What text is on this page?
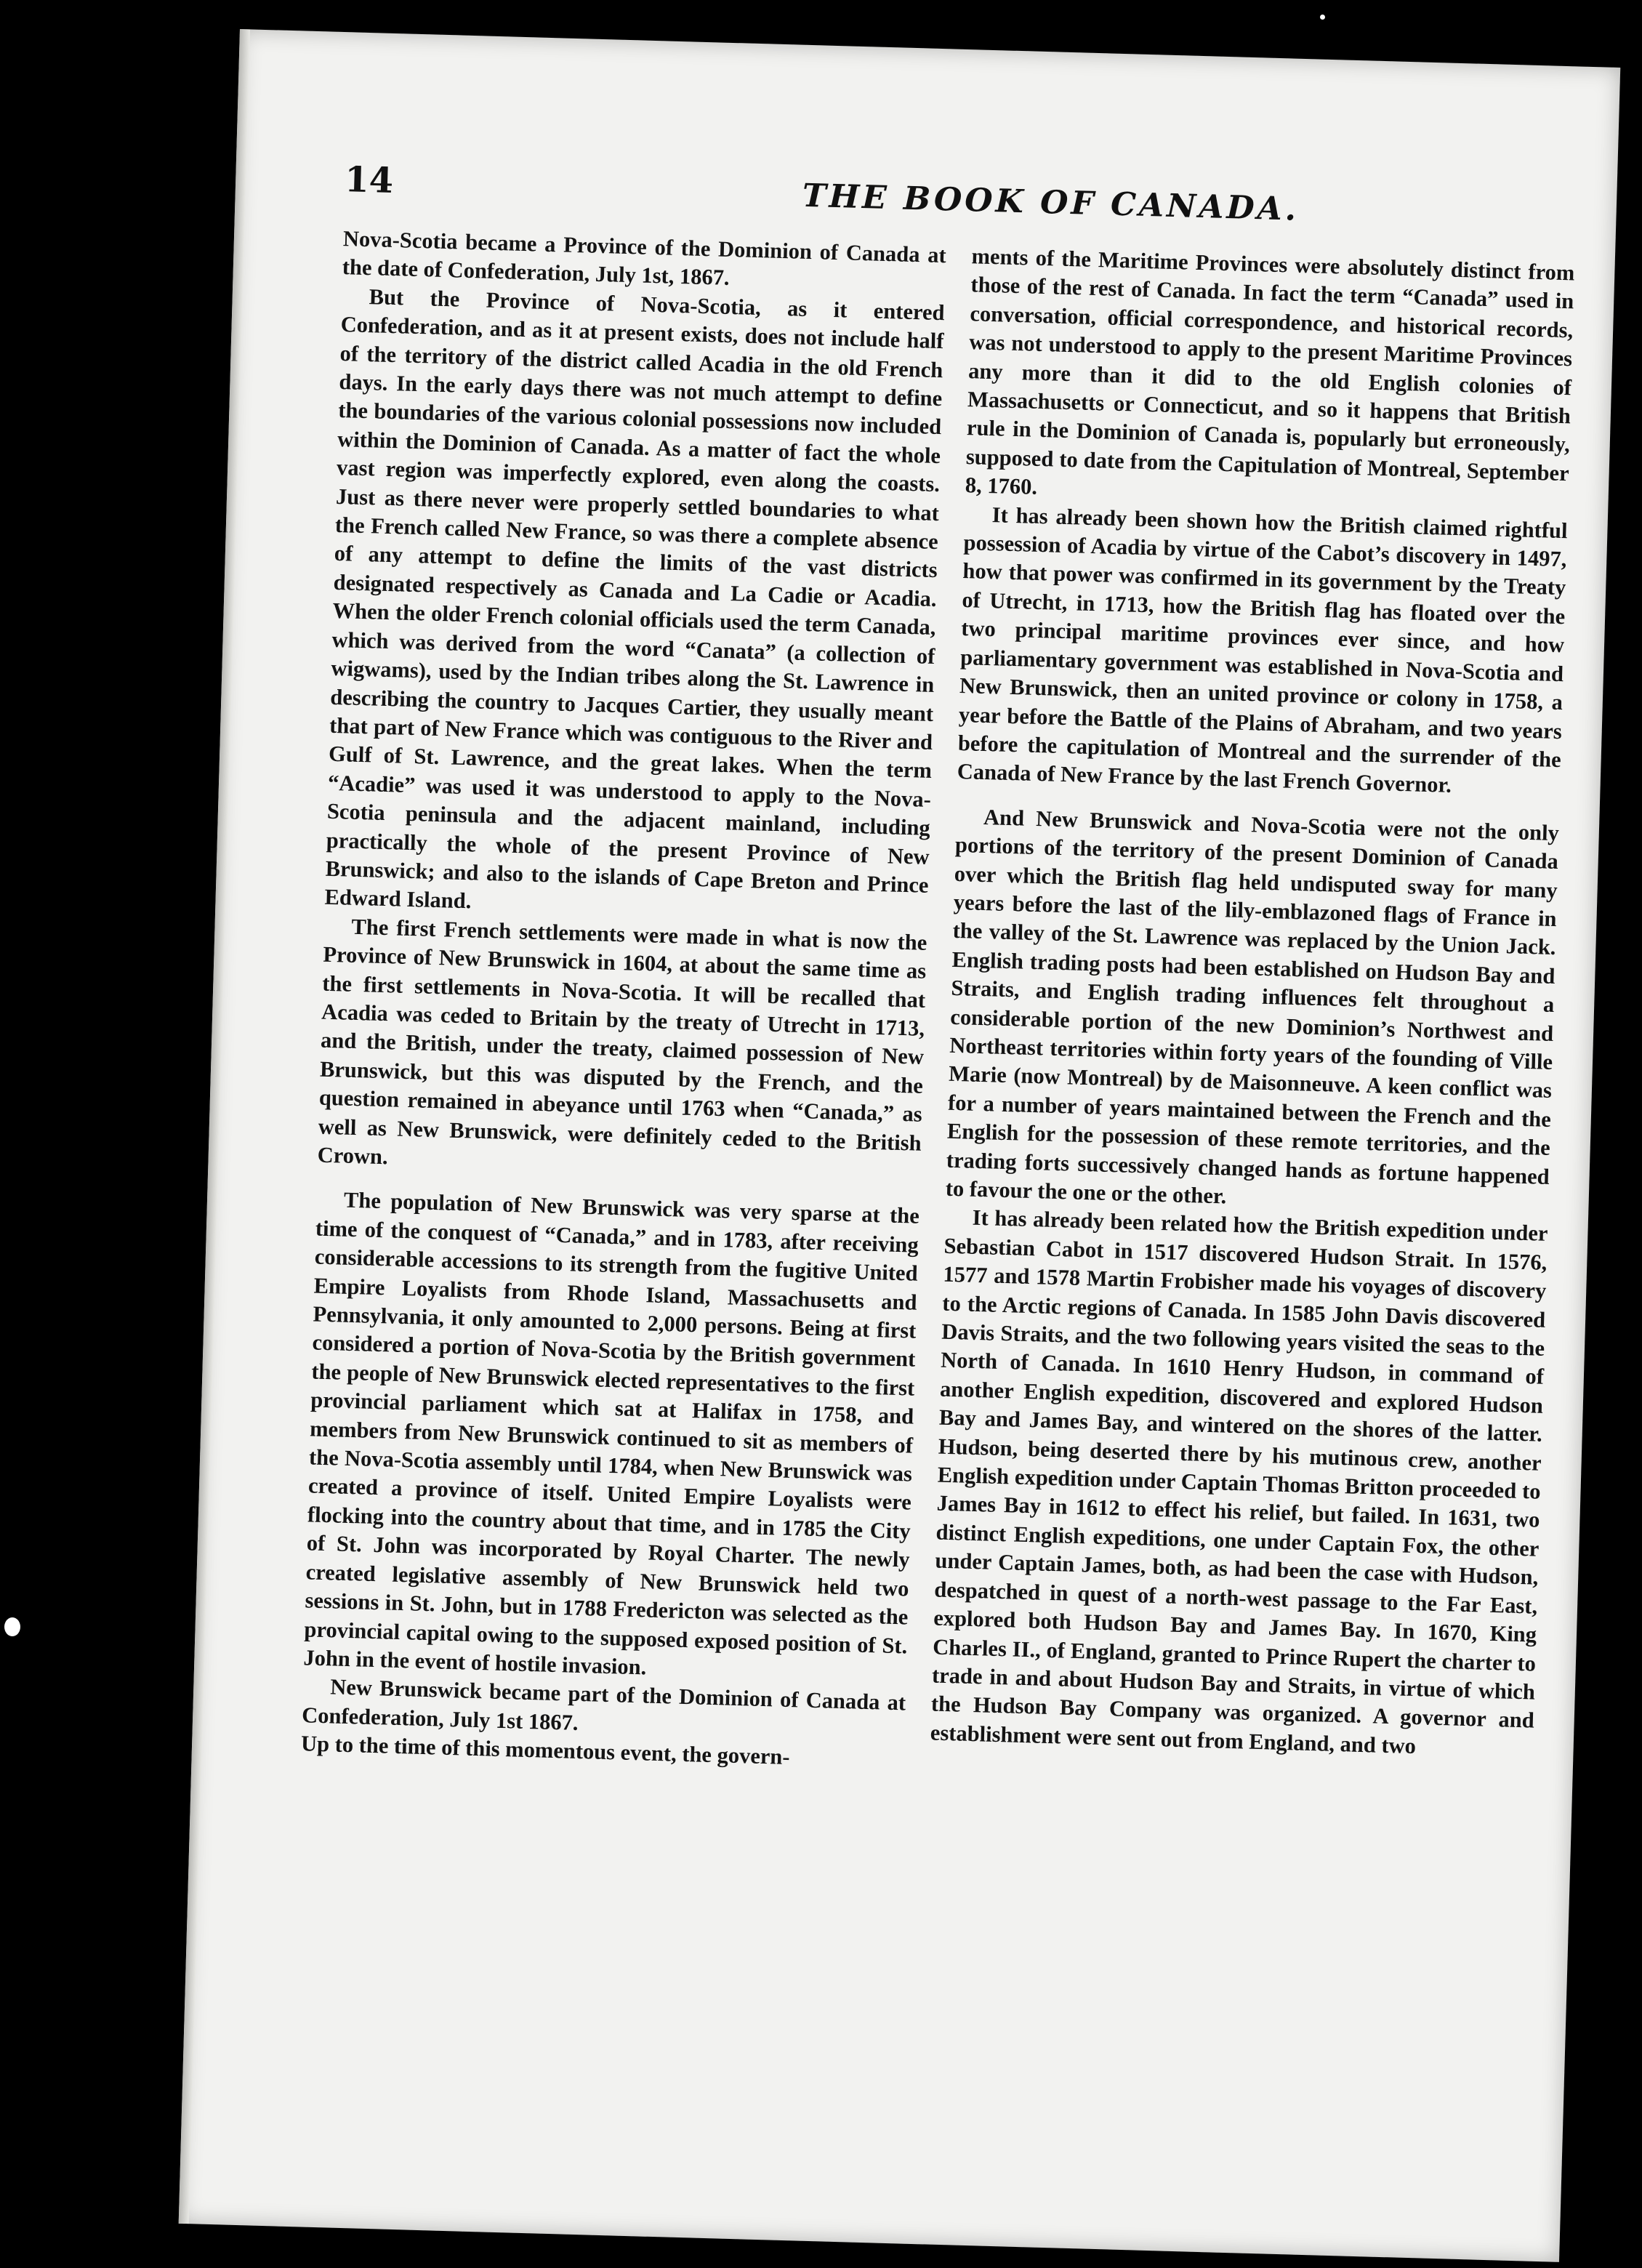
14	THE BOOK OF CANADA.

Nova-Scotia became a Province of the Dominion of Canada at the date of Confederation, July 1st, 1867.

But the Province of Nova-Scotia, as it entered Confederation, and as it at present exists, does not include half of the territory of the district called Acadia in the old French days. In the early days there was not much attempt to define the boundaries of the various colonial possessions now included within the Dominion of Canada. As a matter of fact the whole vast region was imperfectly explored, even along the coasts. Just as there never were properly settled boundaries to what the French called New France, so was there a complete absence of any attempt to define the limits of the vast districts designated respectively as Canada and La Cadie or Acadia. When the older French colonial officials used the term Canada, which was derived from the word “Canata” (a collection of wigwams), used by the Indian tribes along the St. Lawrence in describing the country to Jacques Cartier, they usually meant that part of New France which was contiguous to the River and Gulf of St. Lawrence, and the great lakes. When the term “Acadie” was used it was understood to apply to the Nova-Scotia peninsula and the adjacent mainland, including practically the whole of the present Province of New Brunswick; and also to the islands of Cape Breton and Prince Edward Island.

The first French settlements were made in what is now the Province of New Brunswick in 1604, at about the same time as the first settlements in Nova-Scotia. It will be recalled that Acadia was ceded to Britain by the treaty of Utrecht in 1713, and the British, under the treaty, claimed possession of New Brunswick, but this was disputed by the French, and the question remained in abeyance until 1763 when “Canada,” as well as New Brunswick, were definitely ceded to the British Crown.

The population of New Brunswick was very sparse at the time of the conquest of “Canada,” and in 1783, after receiving considerable accessions to its strength from the fugitive United Empire Loyalists from Rhode Island, Massachusetts and Pennsylvania, it only amounted to 2,000 persons. Being at first considered a portion of Nova-Scotia by the British government the people of New Brunswick elected representatives to the first provincial parliament which sat at Halifax in 1758, and members from New Brunswick continued to sit as members of the Nova-Scotia assembly until 1784, when New Brunswick was created a province of itself. United Empire Loyalists were flocking into the country about that time, and in 1785 the City of St. John was incorporated by Royal Charter. The newly created legislative assembly of New Brunswick held two sessions in St. John, but in 1788 Fredericton was selected as the provincial capital owing to the supposed exposed position of St. John in the event of hostile invasion.

New Brunswick became part of the Dominion of Canada at Confederation, July 1st 1867.

Up to the time of this momentous event, the govern-

ments of the Maritime Provinces were absolutely distinct from those of the rest of Canada. In fact the term “Canada” used in conversation, official correspondence, and historical records, was not understood to apply to the present Maritime Provinces any more than it did to the old English colonies of Massachusetts or Connecticut, and so it happens that British rule in the Dominion of Canada is, popularly but erroneously, supposed to date from the Capitulation of Montreal, September 8, 1760.

It has already been shown how the British claimed rightful possession of Acadia by virtue of the Cabot’s discovery in 1497, how that power was confirmed in its government by the Treaty of Utrecht, in 1713, how the British flag has floated over the two principal maritime provinces ever since, and how parliamentary government was established in Nova-Scotia and New Brunswick, then an united province or colony in 1758, a year before the Battle of the Plains of Abraham, and two years before the capitulation of Montreal and the surrender of the Canada of New France by the last French Governor.

And New Brunswick and Nova-Scotia were not the only portions of the territory of the present Dominion of Canada over which the British flag held undisputed sway for many years before the last of the lily-emblazoned flags of France in the valley of the St. Lawrence was replaced by the Union Jack. English trading posts had been established on Hudson Bay and Straits, and English trading influences felt throughout a considerable portion of the new Dominion’s Northwest and Northeast territories within forty years of the founding of Ville Marie (now Montreal) by de Maisonneuve. A keen conflict was for a number of years maintained between the French and the English for the possession of these remote territories, and the trading forts successively changed hands as fortune happened to favour the one or the other.

It has already been related how the British expedition under Sebastian Cabot in 1517 discovered Hudson Strait. In 1576, 1577 and 1578 Martin Frobisher made his voyages of discovery to the Arctic regions of Canada. In 1585 John Davis discovered Davis Straits, and the two following years visited the seas to the North of Canada. In 1610 Henry Hudson, in command of another English expedition, discovered and explored Hudson Bay and James Bay, and wintered on the shores of the latter. Hudson, being deserted there by his mutinous crew, another English expedition under Captain Thomas Britton proceeded to James Bay in 1612 to effect his relief, but failed. In 1631, two distinct English expeditions, one under Captain Fox, the other under Captain James, both, as had been the case with Hudson, despatched in quest of a north-west passage to the Far East, explored both Hudson Bay and James Bay. In 1670, King Charles II., of England, granted to Prince Rupert the charter to trade in and about Hudson Bay and Straits, in virtue of which the Hudson Bay Company was organized. A governor and establishment were sent out from England, and two
